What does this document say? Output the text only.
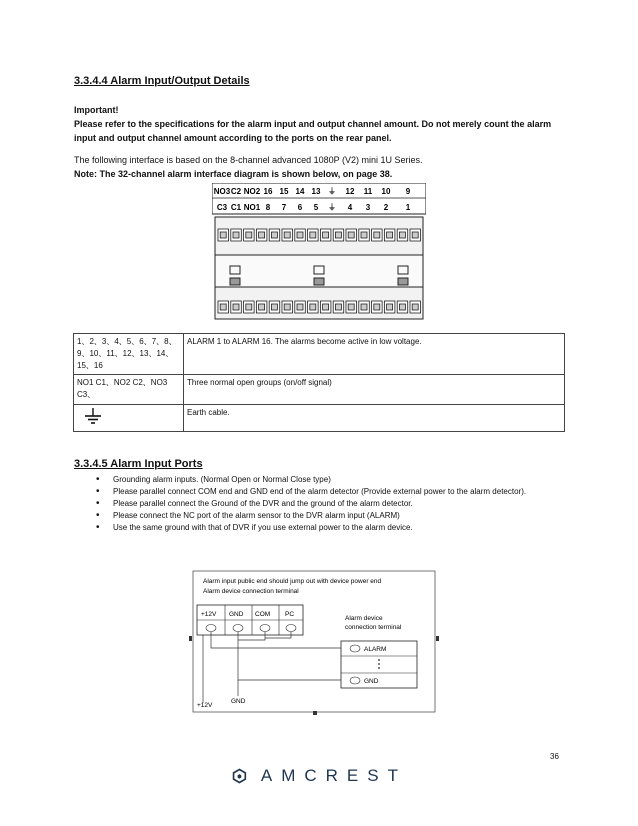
3.3.4.4 Alarm Input/Output Details
Important!
Please refer to the specifications for the alarm input and output channel amount. Do not merely count the alarm input and output channel amount according to the ports on the rear panel.
The following interface is based on the 8-channel advanced 1080P (V2) mini 1U Series.
Note: The 32-channel alarm interface diagram is shown below, on page 38.
NO3 C2 NO2 16 15 14 13 ⏚ 12 11 10 9
C3 C1 NO1 8 7 6 5 ⏚ 4 3 2 1
1、2、3、4、5、6、7、8、9、10、11、12、13、14、15、16	ALARM 1 to ALARM 16. The alarms become active in low voltage.
NO1 C1、NO2 C2、NO3 C3、	Three normal open groups (on/off signal)
	Earth cable.
3.3.4.5 Alarm Input Ports
• Grounding alarm inputs. (Normal Open or Normal Close type)
• Please parallel connect COM end and GND end of the alarm detector (Provide external power to the alarm detector).
• Please parallel connect the Ground of the DVR and the ground of the alarm detector.
• Please connect the NC port of the alarm sensor to the DVR alarm input (ALARM)
• Use the same ground with that of DVR if you use external power to the alarm device.
Alarm input public end should jump out with device power end
Alarm device connection terminal
+12V GND COM PC
Alarm device
connection terminal
ALARM
GND
+12V
GND
36
AMCREST
